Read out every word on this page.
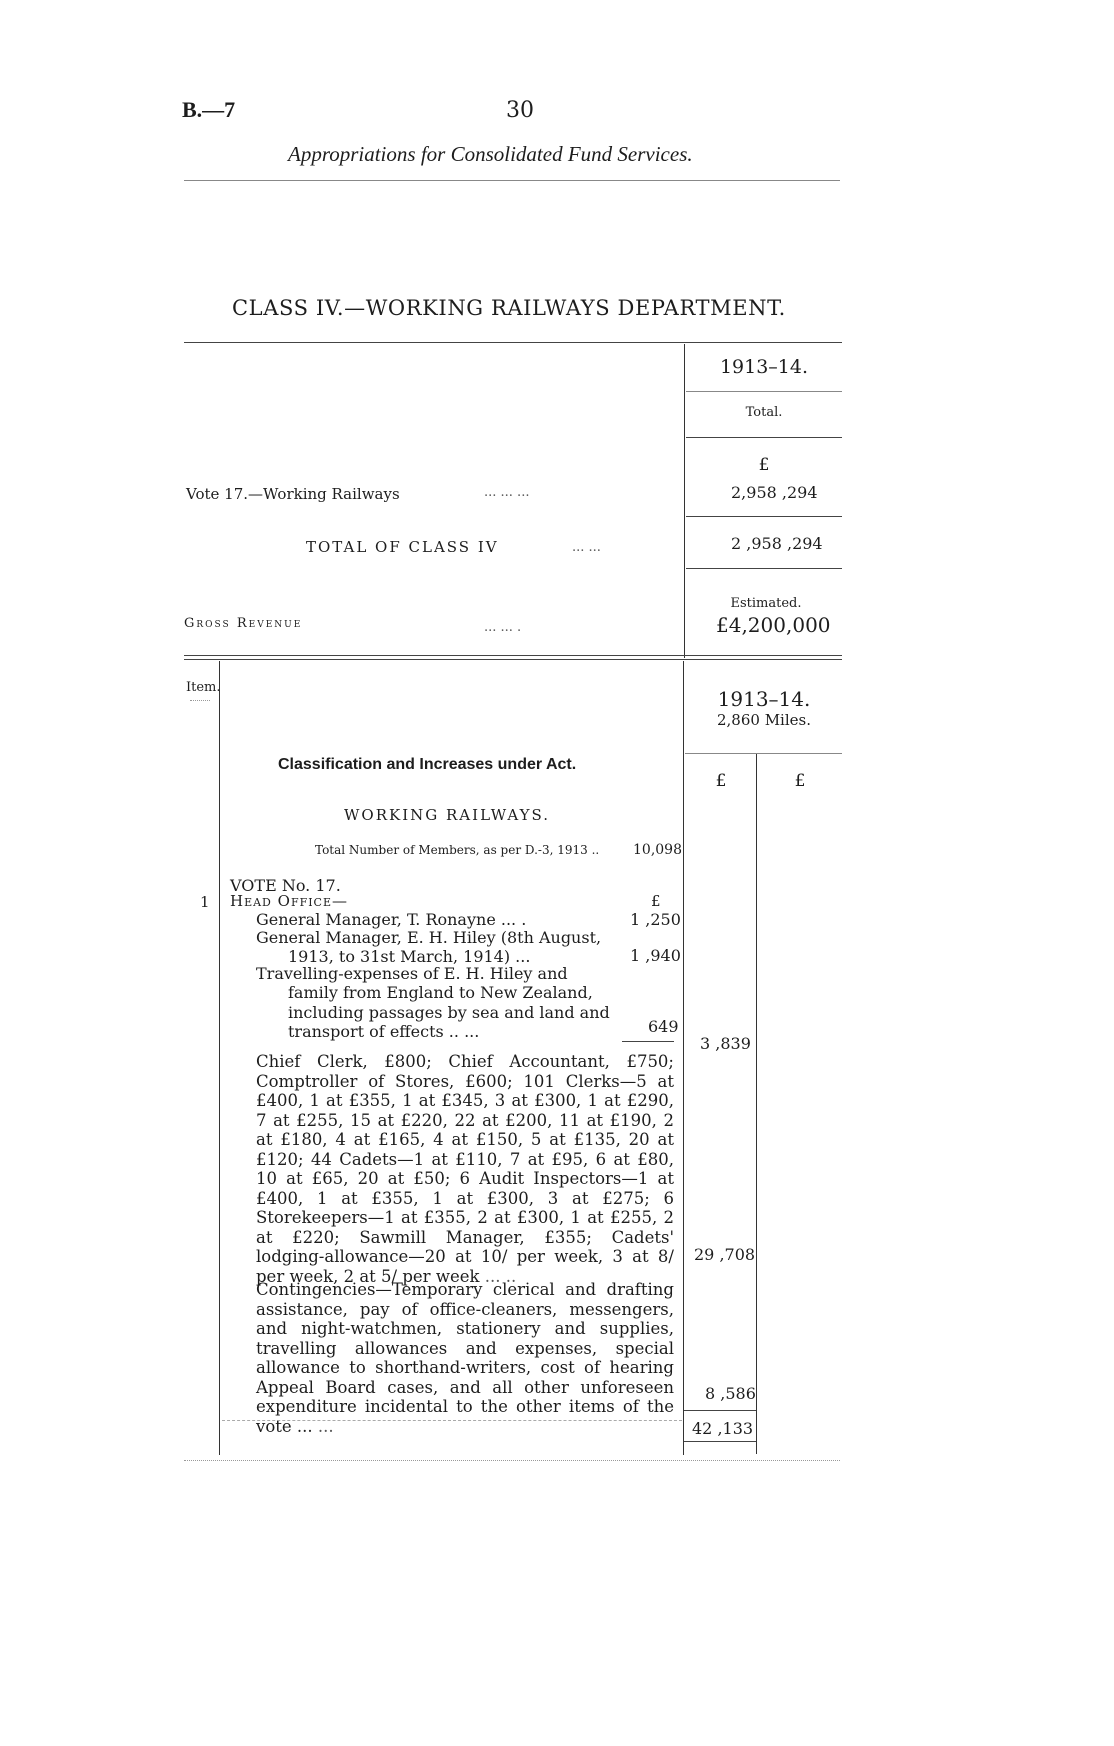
B.—7	30
Appropriations for Consolidated Fund Services.
CLASS IV.—WORKING RAILWAYS DEPARTMENT.
1913–14.
Total.
£
Vote 17.—Working Railways	... ... ...	2,958 ,294
TOTAL OF CLASS IV	... ...	2 ,958 ,294
Estimated.
Gross Revenue	... ... .	£4,200,000
Item.	1913–14.
2,860 Miles.
Classification and Increases under Act.
£	£
WORKING RAILWAYS.
Total Number of Members, as per D.-3, 1913 .. 10,098
VOTE No. 17.
1 Head Office—	£
General Manager, T. Ronayne ... .	1 ,250
General Manager, E. H. Hiley (8th August,
1913, to 31st March, 1914) ...	1 ,940
Travelling-expenses of E. H. Hiley and
family from England to New Zealand,
including passages by sea and land and
transport of effects .. ...	649
3 ,839
Chief Clerk, £800; Chief Accountant, £750; Comptroller of Stores, £600; 101 Clerks—5 at £400, 1 at £355, 1 at £345, 3 at £300, 1 at £290, 7 at £255, 15 at £220, 22 at £200, 11 at £190, 2 at £180, 4 at £165, 4 at £150, 5 at £135, 20 at £120; 44 Cadets—1 at £110, 7 at £95, 6 at £80, 10 at £65, 20 at £50; 6 Audit Inspectors—1 at £400, 1 at £355, 1 at £300, 3 at £275; 6 Storekeepers—1 at £355, 2 at £300, 1 at £255, 2 at £220; Sawmill Manager, £355; Cadets' lodging-allowance—20 at 10/ per week, 3 at 8/ per week, 2 at 5/ per week ... ..
29 ,708
Contingencies—Temporary clerical and drafting assistance, pay of office-cleaners, messengers, and night-watchmen, stationery and supplies, travelling allowances and expenses, special allowance to shorthand-writers, cost of hearing Appeal Board cases, and all other unforeseen expenditure incidental to the other items of the vote ... ...
8 ,586
42 ,133
